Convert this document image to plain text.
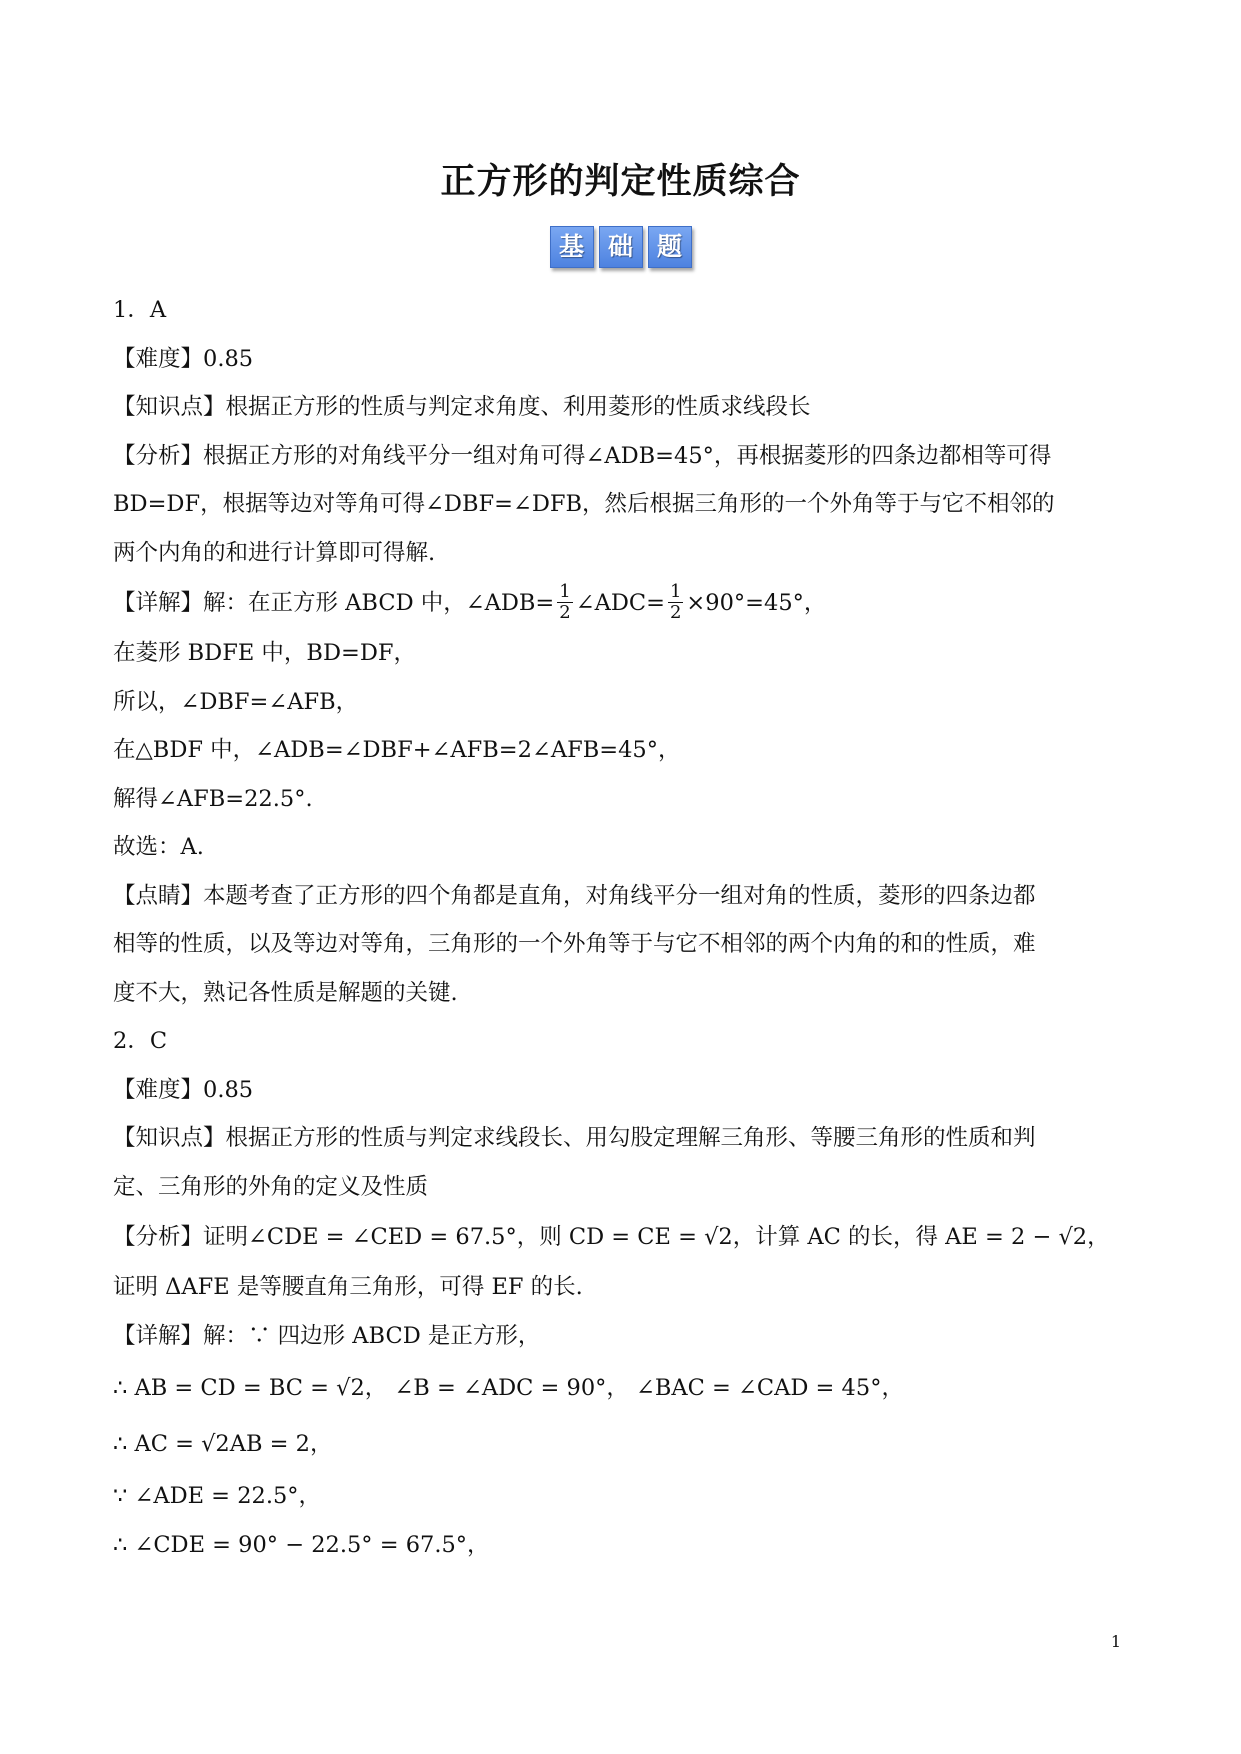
正方形的判定性质综合
基 础 题
1．A
【难度】0.85
【知识点】根据正方形的性质与判定求角度、利用菱形的性质求线段长
【分析】根据正方形的对角线平分一组对角可得∠ADB=45°，再根据菱形的四条边都相等可得
BD=DF，根据等边对等角可得∠DBF=∠DFB，然后根据三角形的一个外角等于与它不相邻的
两个内角的和进行计算即可得解.
【详解】解：在正方形 ABCD 中，∠ADB= $\frac{1}{2}$ ∠ADC= $\frac{1}{2} \times 90^\circ=45^\circ$，
在菱形 BDFE 中，BD=DF，
所以，∠DBF=∠AFB，
在△BDF 中，∠ADB=∠DBF+∠AFB=2∠AFB=45°，
解得∠AFB=22.5°.
故选：A.
【点睛】本题考查了正方形的四个角都是直角，对角线平分一组对角的性质，菱形的四条边都
相等的性质，以及等边对等角，三角形的一个外角等于与它不相邻的两个内角的和的性质，难
度不大，熟记各性质是解题的关键.
2．C
【难度】0.85
【知识点】根据正方形的性质与判定求线段长、用勾股定理解三角形、等腰三角形的性质和判
定、三角形的外角的定义及性质
【分析】证明∠CDE = ∠CED = 67.5°，则 CD = CE = √2，计算 AC 的长，得 AE = 2 − √2，
证明 ΔAFE 是等腰直角三角形，可得 EF 的长.
【详解】解：∵ 四边形 ABCD 是正方形，
∴ AB = CD = BC = √2， ∠B = ∠ADC = 90°， ∠BAC = ∠CAD = 45°，
∴ AC = √2AB = 2，
∵ ∠ADE = 22.5°，
∴ ∠CDE = 90° − 22.5° = 67.5°，
1
